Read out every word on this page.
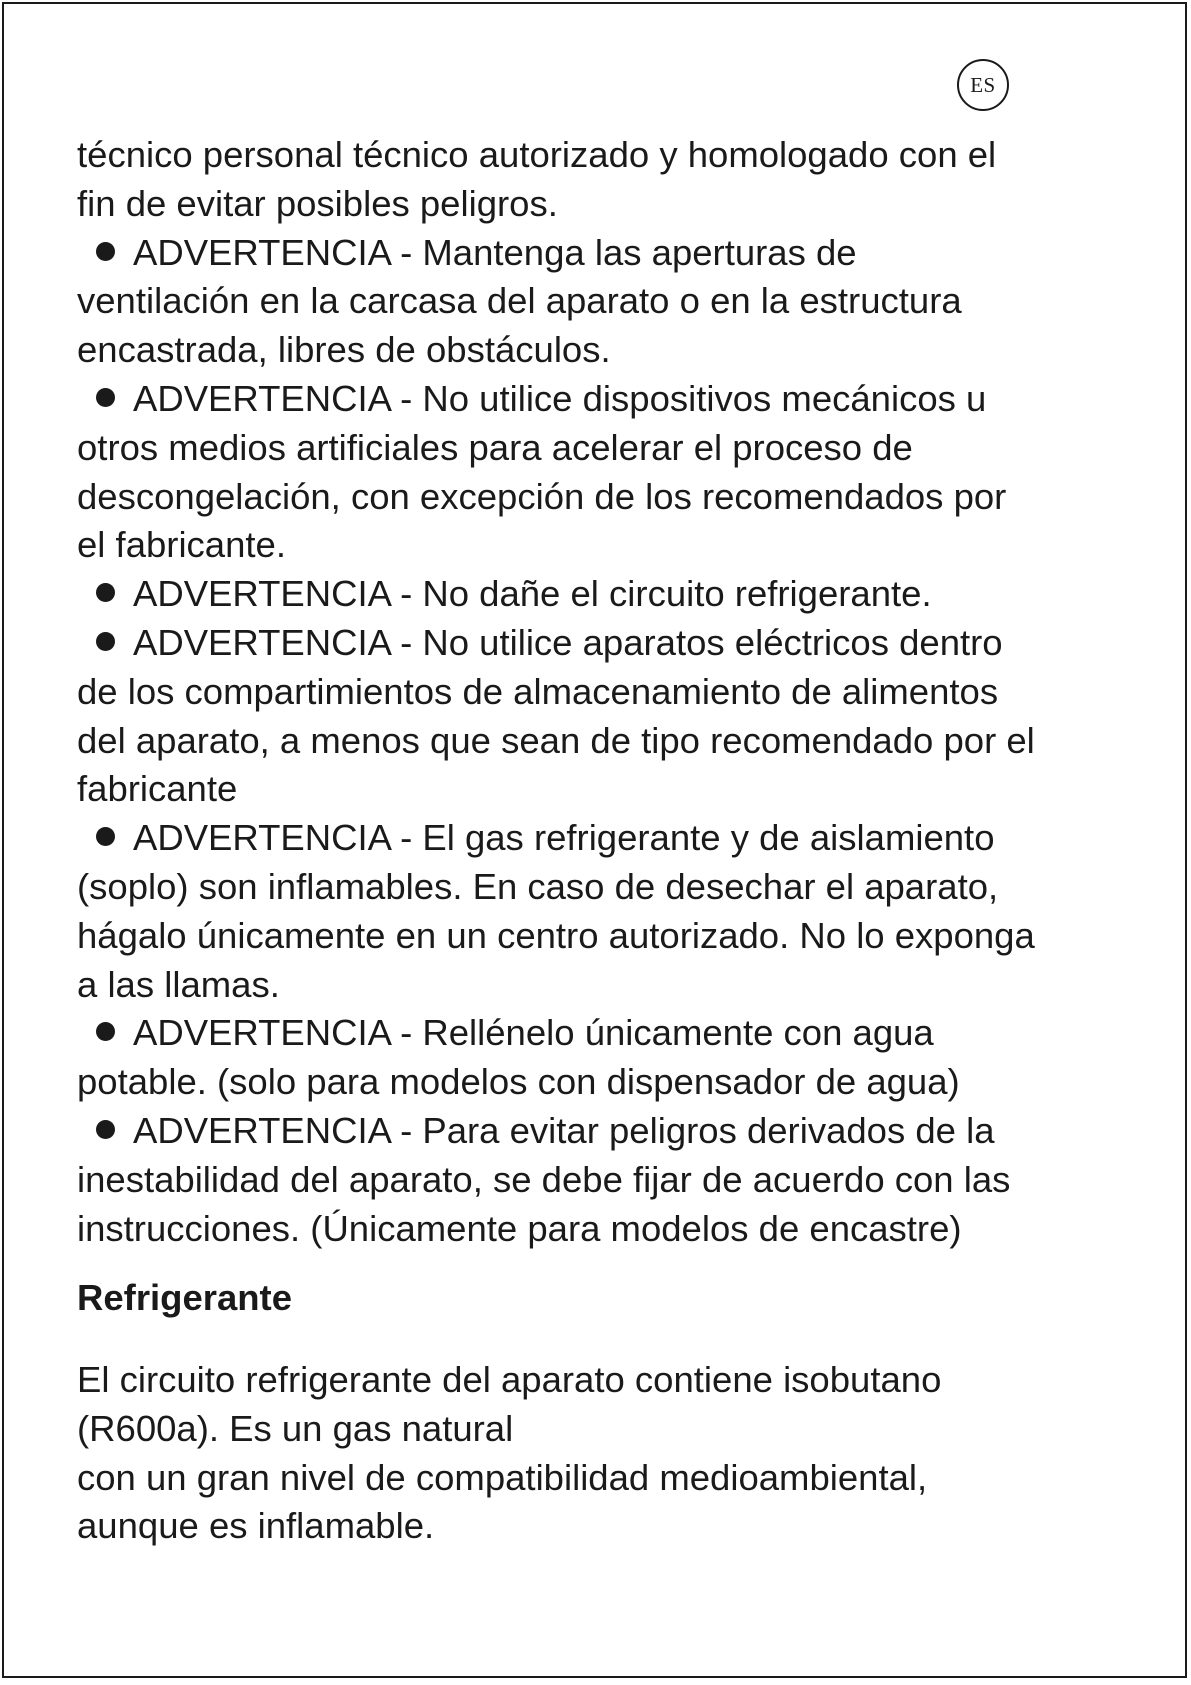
ES
técnico personal técnico autorizado y homologado con el
fin de evitar posibles peligros.
ADVERTENCIA - Mantenga las aperturas de
ventilación en la carcasa del aparato o en la estructura
encastrada, libres de obstáculos.
ADVERTENCIA - No utilice dispositivos mecánicos u
otros medios artificiales para acelerar el proceso de
descongelación, con excepción de los recomendados por
el fabricante.
ADVERTENCIA - No dañe el circuito refrigerante.
ADVERTENCIA - No utilice aparatos eléctricos dentro
de los compartimientos de almacenamiento de alimentos
del aparato, a menos que sean de tipo recomendado por el
fabricante
ADVERTENCIA - El gas refrigerante y de aislamiento
(soplo) son inflamables. En caso de desechar el aparato,
hágalo únicamente en un centro autorizado. No lo exponga
a las llamas.
ADVERTENCIA - Rellénelo únicamente con agua
potable. (solo para modelos con dispensador de agua)
ADVERTENCIA - Para evitar peligros derivados de la
inestabilidad del aparato, se debe fijar de acuerdo con las
instrucciones. (Únicamente para modelos de encastre)
Refrigerante
El circuito refrigerante del aparato contiene isobutano
(R600a). Es un gas natural
con un gran nivel de compatibilidad medioambiental,
aunque es inflamable.
